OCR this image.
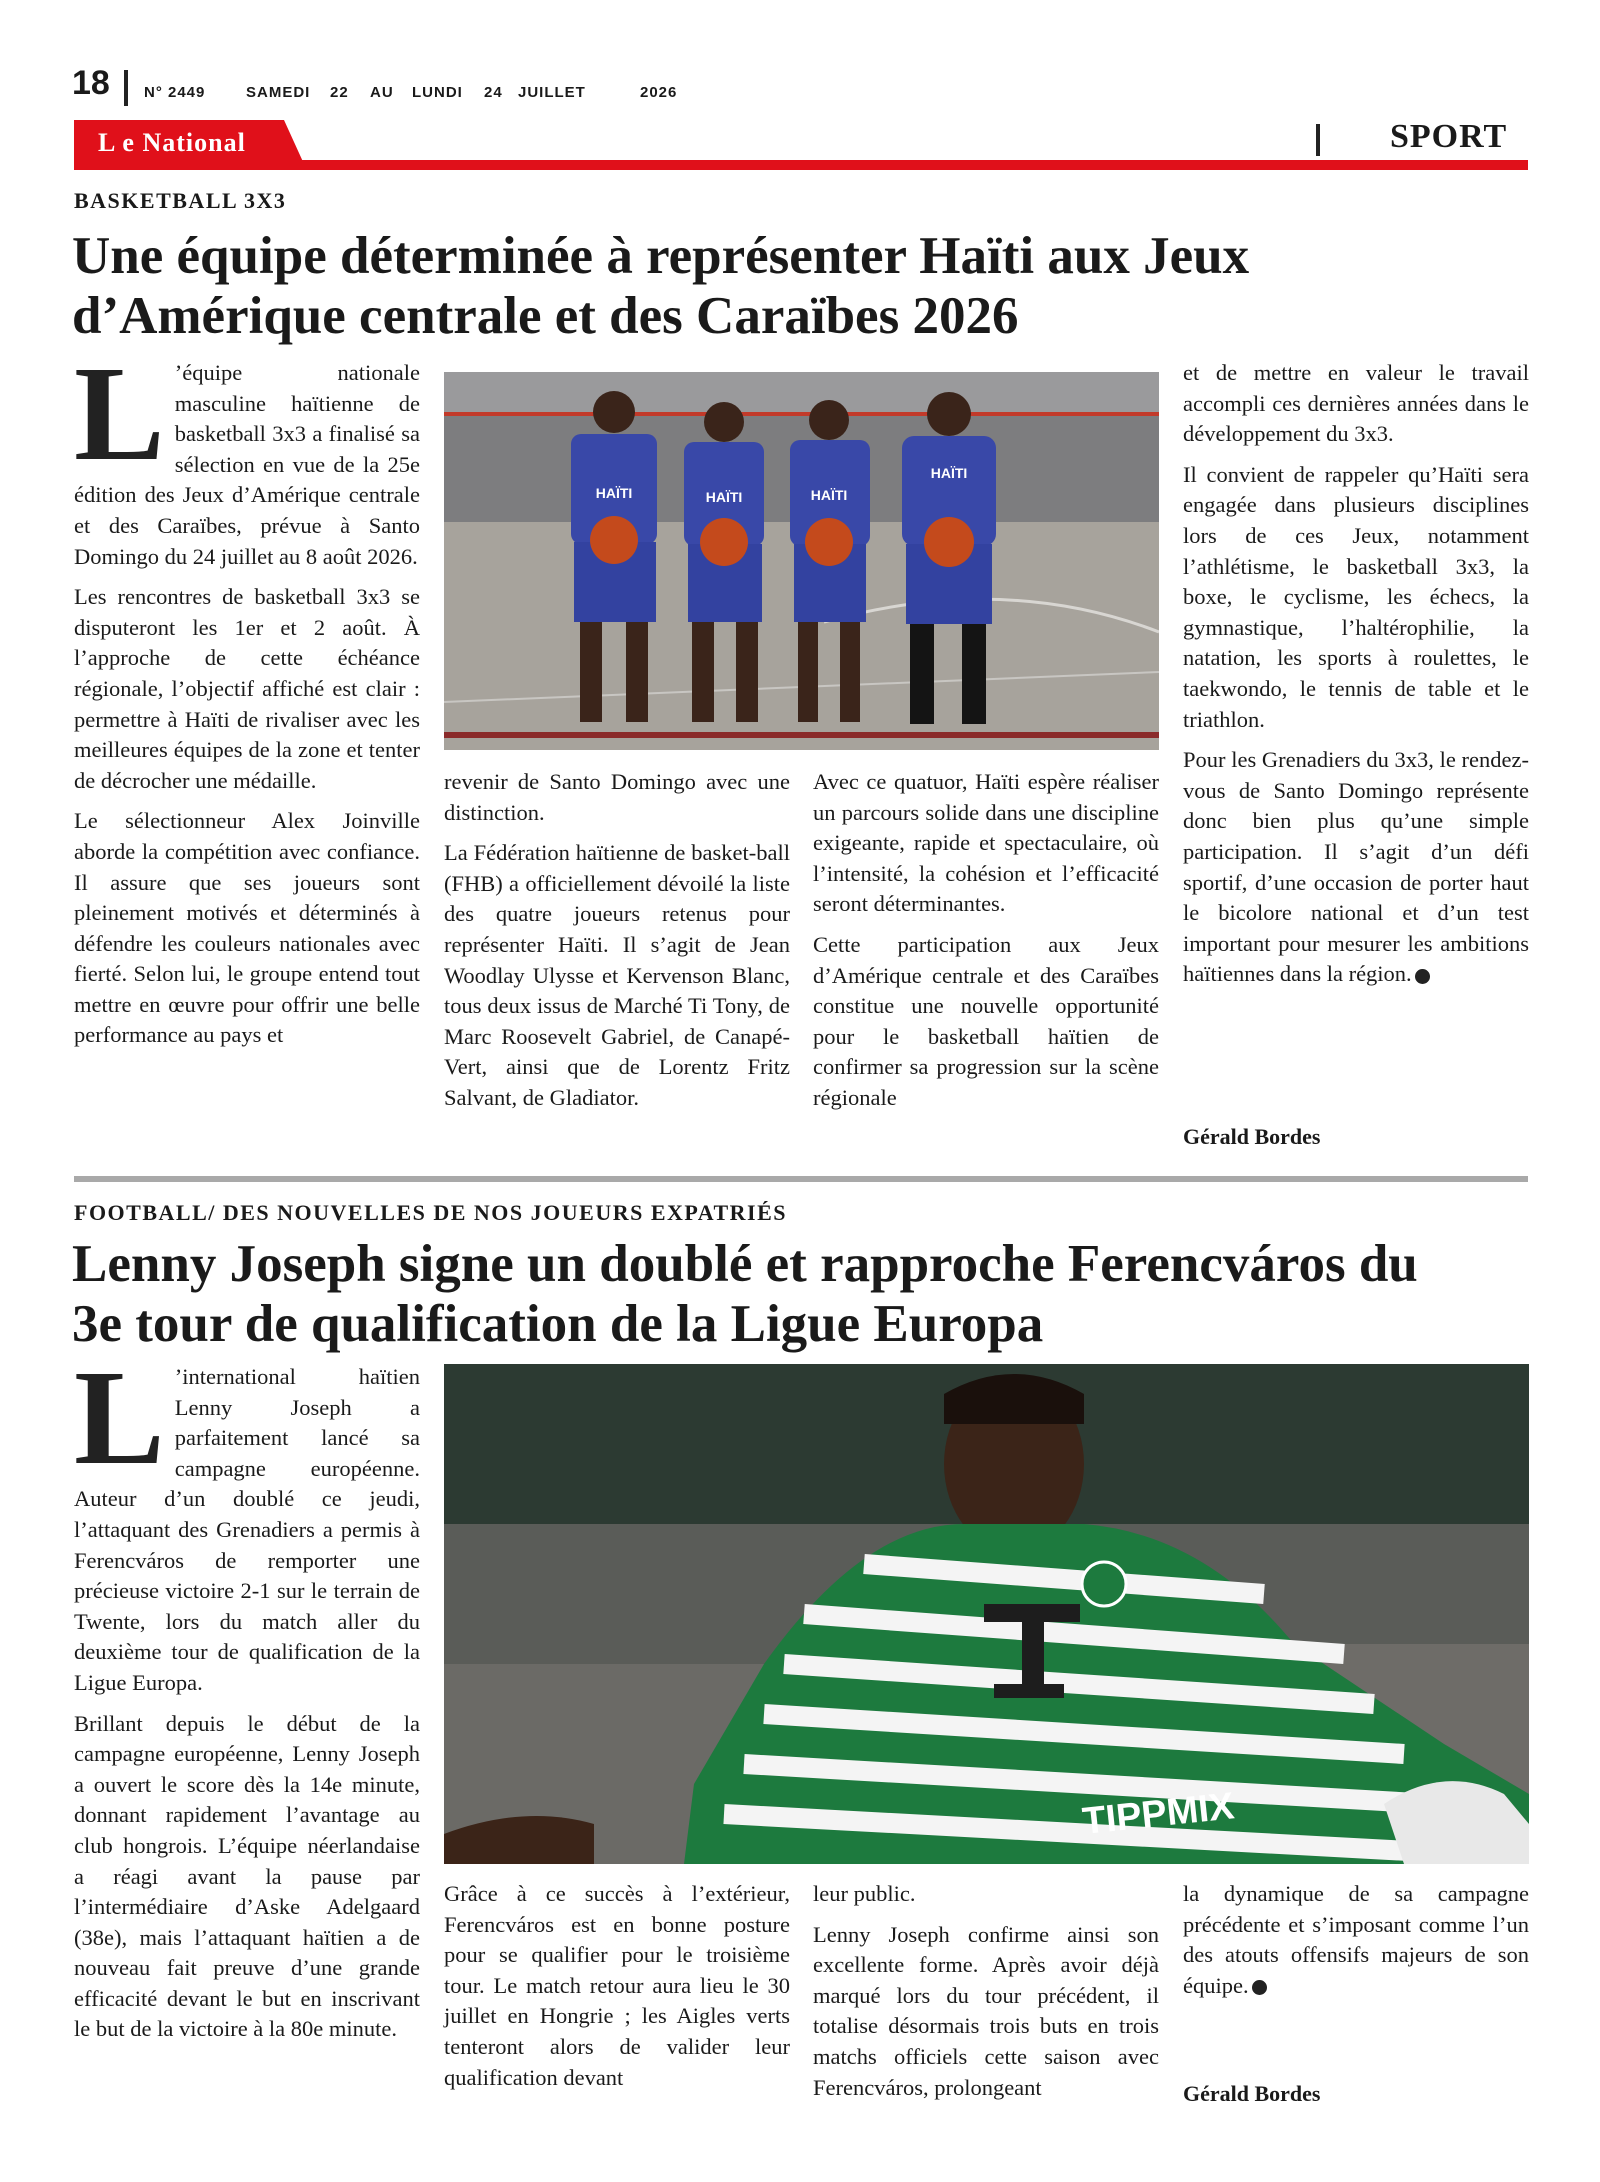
18 N° 2449	SAMEDI 22 AU LUNDI 24 JUILLET	2026
L e National	SPORT
BASKETBALL 3X3
Une équipe déterminée à représenter Haïti aux Jeux
d’Amérique centrale et des Caraïbes 2026

L ’équipe nationale masculine haïtienne de basketball 3x3 a finalisé sa sélection en vue de la 25e édition des Jeux d’Amérique centrale et des Caraïbes, prévue à Santo Domingo du 24 juillet au 8 août 2026.

Les rencontres de basketball 3x3 se disputeront les 1er et 2 août. À l’approche de cette échéance régionale, l’objectif affiché est clair : permettre à Haïti de rivaliser avec les meilleures équipes de la zone et tenter de décrocher une médaille.

Le sélectionneur Alex Joinville aborde la compétition avec confiance. Il assure que ses joueurs sont pleinement motivés et déterminés à défendre les couleurs nationales avec fierté. Selon lui, le groupe entend tout mettre en œuvre pour offrir une belle performance au pays et

HAÏTI	HAÏTI	HAÏTI
HAÏTI

revenir de Santo Domingo avec une distinction.

La Fédération haïtienne de basket-ball (FHB) a officiellement dévoilé la liste des quatre joueurs retenus pour représenter Haïti. Il s’agit de Jean Woodlay Ulysse et Kervenson Blanc, tous deux issus de Marché Ti Tony, de Marc Roosevelt Gabriel, de Canapé-Vert, ainsi que de Lorentz Fritz Salvant, de Gladiator.

Avec ce quatuor, Haïti espère réaliser un parcours solide dans une discipline exigeante, rapide et spectaculaire, où l’intensité, la cohésion et l’efficacité seront déterminantes.

Cette participation aux Jeux d’Amérique centrale et des Caraïbes constitue une nouvelle opportunité pour le basketball haïtien de confirmer sa progression sur la scène régionale

et de mettre en valeur le travail accompli ces dernières années dans le développement du 3x3.

Il convient de rappeler qu’Haïti sera engagée dans plusieurs disciplines lors de ces Jeux, notamment l’athlétisme, le basketball 3x3, la boxe, le cyclisme, les échecs, la gymnastique, l’haltérophilie, la natation, les sports à roulettes, le taekwondo, le tennis de table et le triathlon.

Pour les Grenadiers du 3x3, le rendez-vous de Santo Domingo représente donc bien plus qu’une simple participation. Il s’agit d’un défi sportif, d’une occasion de porter haut le bicolore national et d’un test important pour mesurer les ambitions haïtiennes dans la région.

Gérald Bordes
FOOTBALL/ DES NOUVELLES DE NOS JOUEURS EXPATRIÉS
Lenny Joseph signe un doublé et rapproche Ferencváros du
3e tour de qualification de la Ligue Europa

L ’international haïtien Lenny Joseph a parfaitement lancé sa campagne européenne. Auteur d’un doublé ce jeudi, l’attaquant des Grenadiers a permis à Ferencváros de remporter une précieuse victoire 2-1 sur le terrain de Twente, lors du match aller du deuxième tour de qualification de la Ligue Europa.

Brillant depuis le début de la campagne européenne, Lenny Joseph a ouvert le score dès la 14e minute, donnant rapidement l’avantage au club hongrois. L’équipe néerlandaise a réagi avant la pause par l’intermédiaire d’Aske Adelgaard (38e), mais l’attaquant haïtien a de nouveau fait preuve d’une grande efficacité devant le but en inscrivant le but de la victoire à la 80e minute.

TIPPMIX

Grâce à ce succès à l’extérieur, Ferencváros est en bonne posture pour se qualifier pour le troisième tour. Le match retour aura lieu le 30 juillet en Hongrie ; les Aigles verts tenteront alors de valider leur qualification devant

leur public.

Lenny Joseph confirme ainsi son excellente forme. Après avoir déjà marqué lors du tour précédent, il totalise désormais trois buts en trois matchs officiels cette saison avec Ferencváros, prolongeant

la dynamique de sa campagne précédente et s’imposant comme l’un des atouts offensifs majeurs de son équipe.

Gérald Bordes
